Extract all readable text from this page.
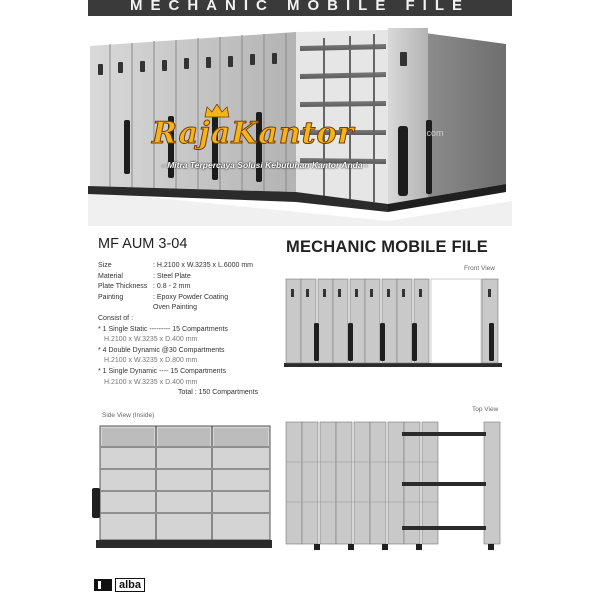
MECHANIC MOBILE FILE
RajaKantor	.com
- Mitra Terpercaya Solusi Kebutuhan Kantor Anda -
MF AUM 3-04	MECHANIC MOBILE FILE
Size	: H.2100 x W.3235 x L.6000 mm
Material	: Steel Plate
Plate Thickness : 0.8 - 2 mm
Painting	: Epoxy Powder Coating
Oven Painting
Consist of :
* 1 Single Static --------- 15 Compartments
H.2100 x W.3235 x D.400 mm
* 4 Double Dynamic @30 Compartments
H.2100 x W.3235 x D.800 mm
* 1 Single Dynamic ---- 15 Compartments
H.2100 x W.3235 x D.400 mm
Total : 150 Compartments
Front View
Side View (Inside)
Top View
alba
